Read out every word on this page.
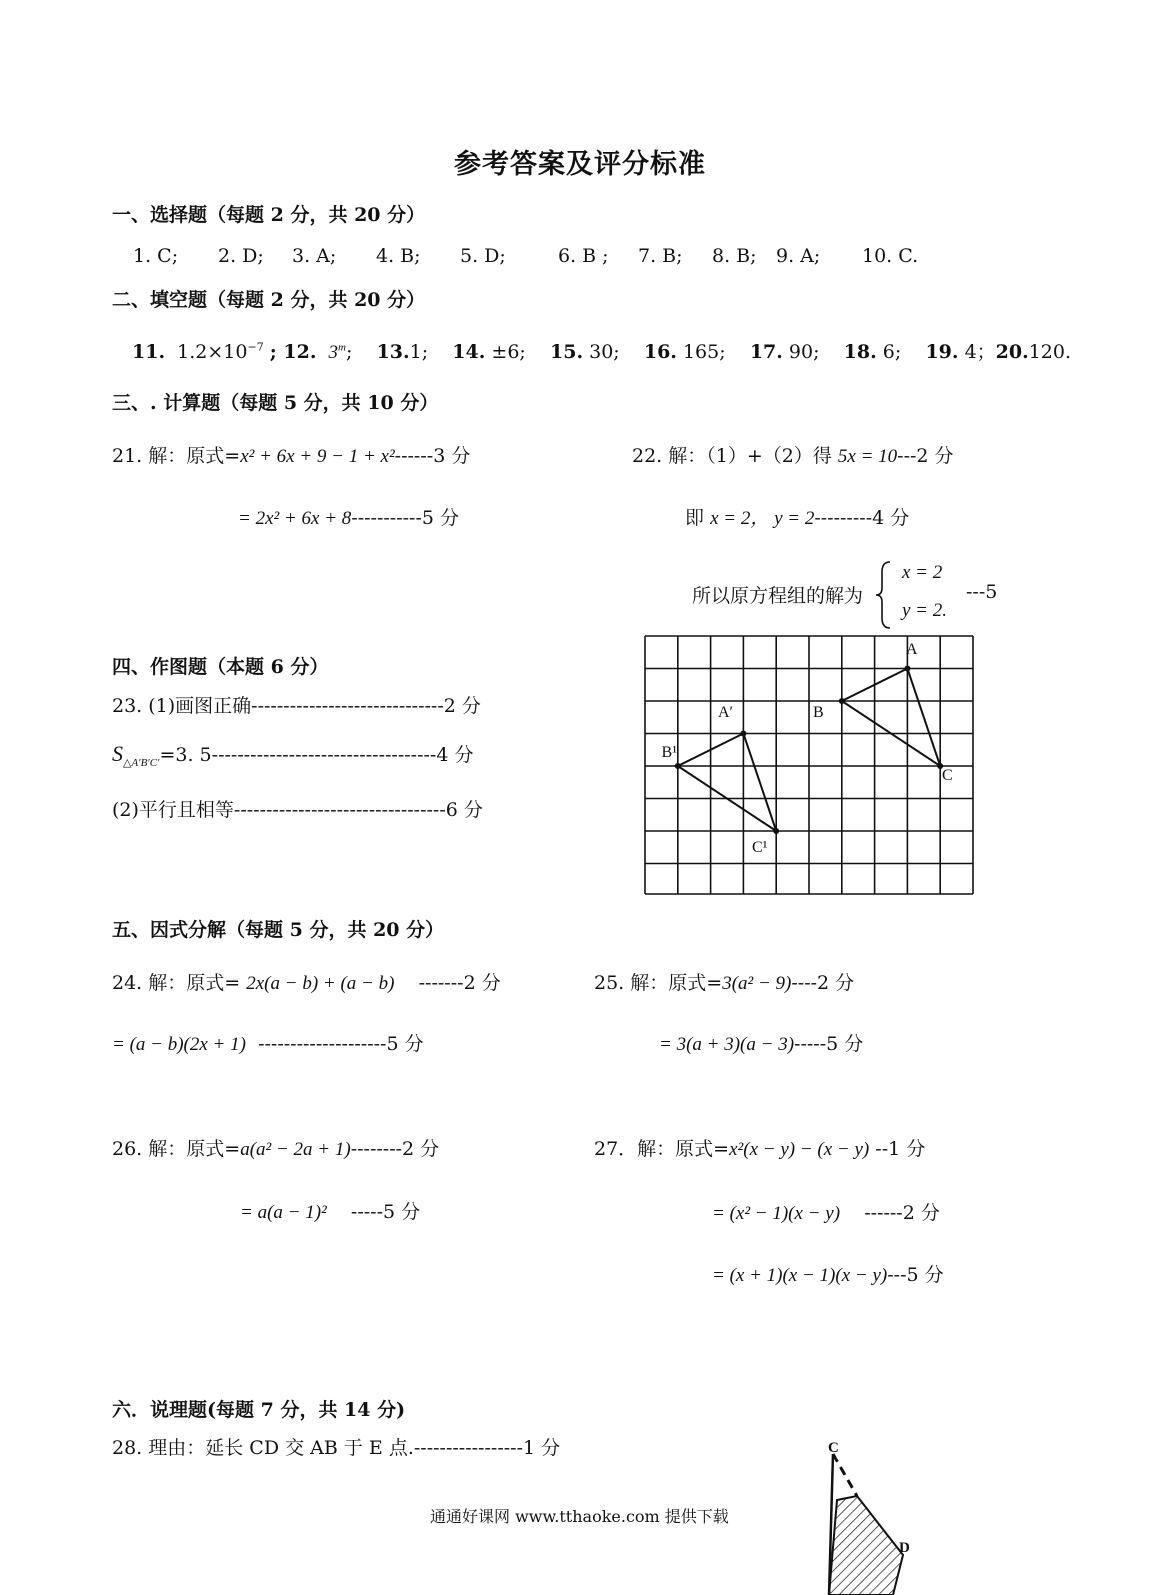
参考答案及评分标准
一、选择题（每题 2 分，共 20 分）
1. C; 2. D; 3. A; 4. B; 5. D;	6. B ; 7. B; 8. B; 9. A; 10. C.
二、填空题（每题 2 分，共 20 分）
11. $1.2\times 10^{-7}$ ; 12. 3$^m$; 13.1; 14. ±6; 15. 30; 16. 165; 17. 90; 18. 6; 19. 4；20.120.
三、. 计算题（每题 5 分，共 10 分）
21. 解：原式=x² + 6x + 9 − 1 + x²------3 分
= 2x² + 6x + 8-----------5 分
22. 解：（1）+（2）得 5x = 10---2 分
即 x = 2， y = 2---------4 分
所以原方程组的解为
x = 2
y = 2.
---5
四、作图题（本题 6 分）
23. (1)画图正确------------------------------2 分
$S_{\triangle A'B'C'}=3$. 5-----------------------------------4 分
(2)平行且相等---------------------------------6 分
A
B
C
A′
B¹
C¹
五、因式分解（每题 5 分，共 20 分）
24. 解：原式= 2x(a − b) + (a − b) -------2 分
= (a − b)(2x + 1) --------------------5 分
25. 解：原式=3(a² − 9)----2 分
= 3(a + 3)(a − 3)-----5 分
26. 解：原式=a(a² − 2a + 1)--------2 分
= a(a − 1)² -----5 分
27．解：原式=x²(x − y) − (x − y) --1 分
= (x² − 1)(x − y) ------2 分
= (x + 1)(x − 1)(x − y)---5 分
六．说理题(每题 7 分，共 14 分)
28. 理由：延长 CD 交 AB 于 E 点.-----------------1 分	C
D
通通好课网 www.tthaoke.com 提供下载
